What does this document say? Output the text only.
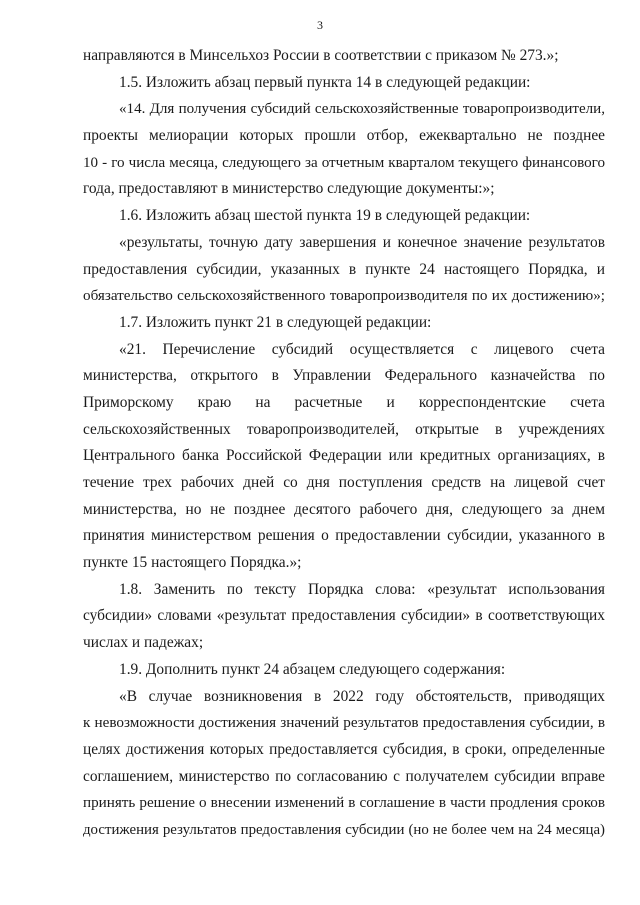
3
направляются в Минсельхоз России в соответствии с приказом № 273.»;
1.5. Изложить абзац первый пункта 14 в следующей редакции:
«14. Для получения субсидий сельскохозяйственные товаропроизводители,
проекты мелиорации которых прошли отбор, ежеквартально не позднее
10 - го числа месяца, следующего за отчетным кварталом текущего финансового
года, предоставляют в министерство следующие документы:»;
1.6. Изложить абзац шестой пункта 19 в следующей редакции:
«результаты, точную дату завершения и конечное значение результатов
предоставления субсидии, указанных в пункте 24 настоящего Порядка, и
обязательство сельскохозяйственного товаропроизводителя по их достижению»;
1.7. Изложить пункт 21 в следующей редакции:
«21. Перечисление субсидий осуществляется с лицевого счета
министерства, открытого в Управлении Федерального казначейства по
Приморскому краю на расчетные и корреспондентские счета
сельскохозяйственных товаропроизводителей, открытые в учреждениях
Центрального банка Российской Федерации или кредитных организациях, в
течение трех рабочих дней со дня поступления средств на лицевой счет
министерства, но не позднее десятого рабочего дня, следующего за днем
принятия министерством решения о предоставлении субсидии, указанного в
пункте 15 настоящего Порядка.»;
1.8. Заменить по тексту Порядка слова: «результат использования
субсидии» словами «результат предоставления субсидии» в соответствующих
числах и падежах;
1.9. Дополнить пункт 24 абзацем следующего содержания:
«В случае возникновения в 2022 году обстоятельств, приводящих
к невозможности достижения значений результатов предоставления субсидии, в
целях достижения которых предоставляется субсидия, в сроки, определенные
соглашением, министерство по согласованию с получателем субсидии вправе
принять решение о внесении изменений в соглашение в части продления сроков
достижения результатов предоставления субсидии (но не более чем на 24 месяца)
